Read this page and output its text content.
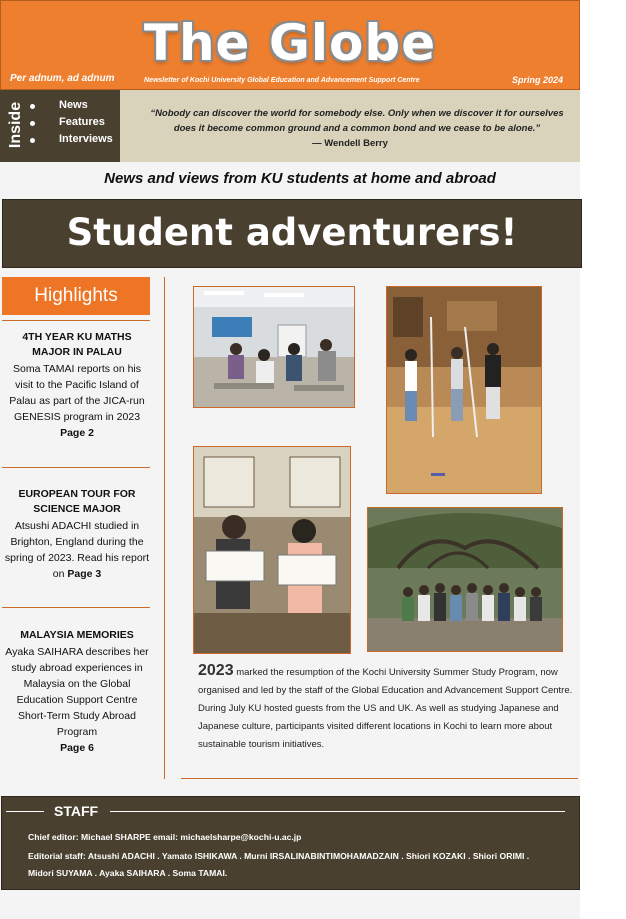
The Globe
Per adnum, ad adnum	Newsletter of Kochi University Global Education and Advancement Support Centre	Spring 2024
Inside	News
Features
Interviews
“Nobody can discover the world for somebody else. Only when we discover it for ourselves does it become common ground and a common bond and we cease to be alone.”
— Wendell Berry
News and views from KU students at home and abroad
Student adventurers!
Highlights
4TH YEAR KU MATHS MAJOR IN PALAU
Soma TAMAI reports on his visit to the Pacific Island of Palau as part of the JICA-run GENESIS program in 2023
Page 2
EUROPEAN TOUR FOR SCIENCE MAJOR
Atsushi ADACHI studied in Brighton, England during the spring of 2023. Read his report on Page 3
MALAYSIA MEMORIES
Ayaka SAIHARA describes her study abroad experiences in Malaysia on the Global Education Support Centre Short-Term Study Abroad Program
Page 6
2023 marked the resumption of the Kochi University Summer Study Program, now organised and led by the staff of the Global Education and Advancement Support Centre. During July KU hosted guests from the US and UK. As well as studying Japanese and Japanese culture, participants visited different locations in Kochi to learn more about sustainable tourism initiatives.
STAFF
Chief editor: Michael SHARPE email: michaelsharpe@kochi-u.ac.jp
Editorial staff: Atsushi ADACHI . Yamato ISHIKAWA . Murni IRSALINABINTIMOHAMADZAIN . Shiori KOZAKI . Shiori ORIMI .
Midori SUYAMA . Ayaka SAIHARA . Soma TAMAI.
